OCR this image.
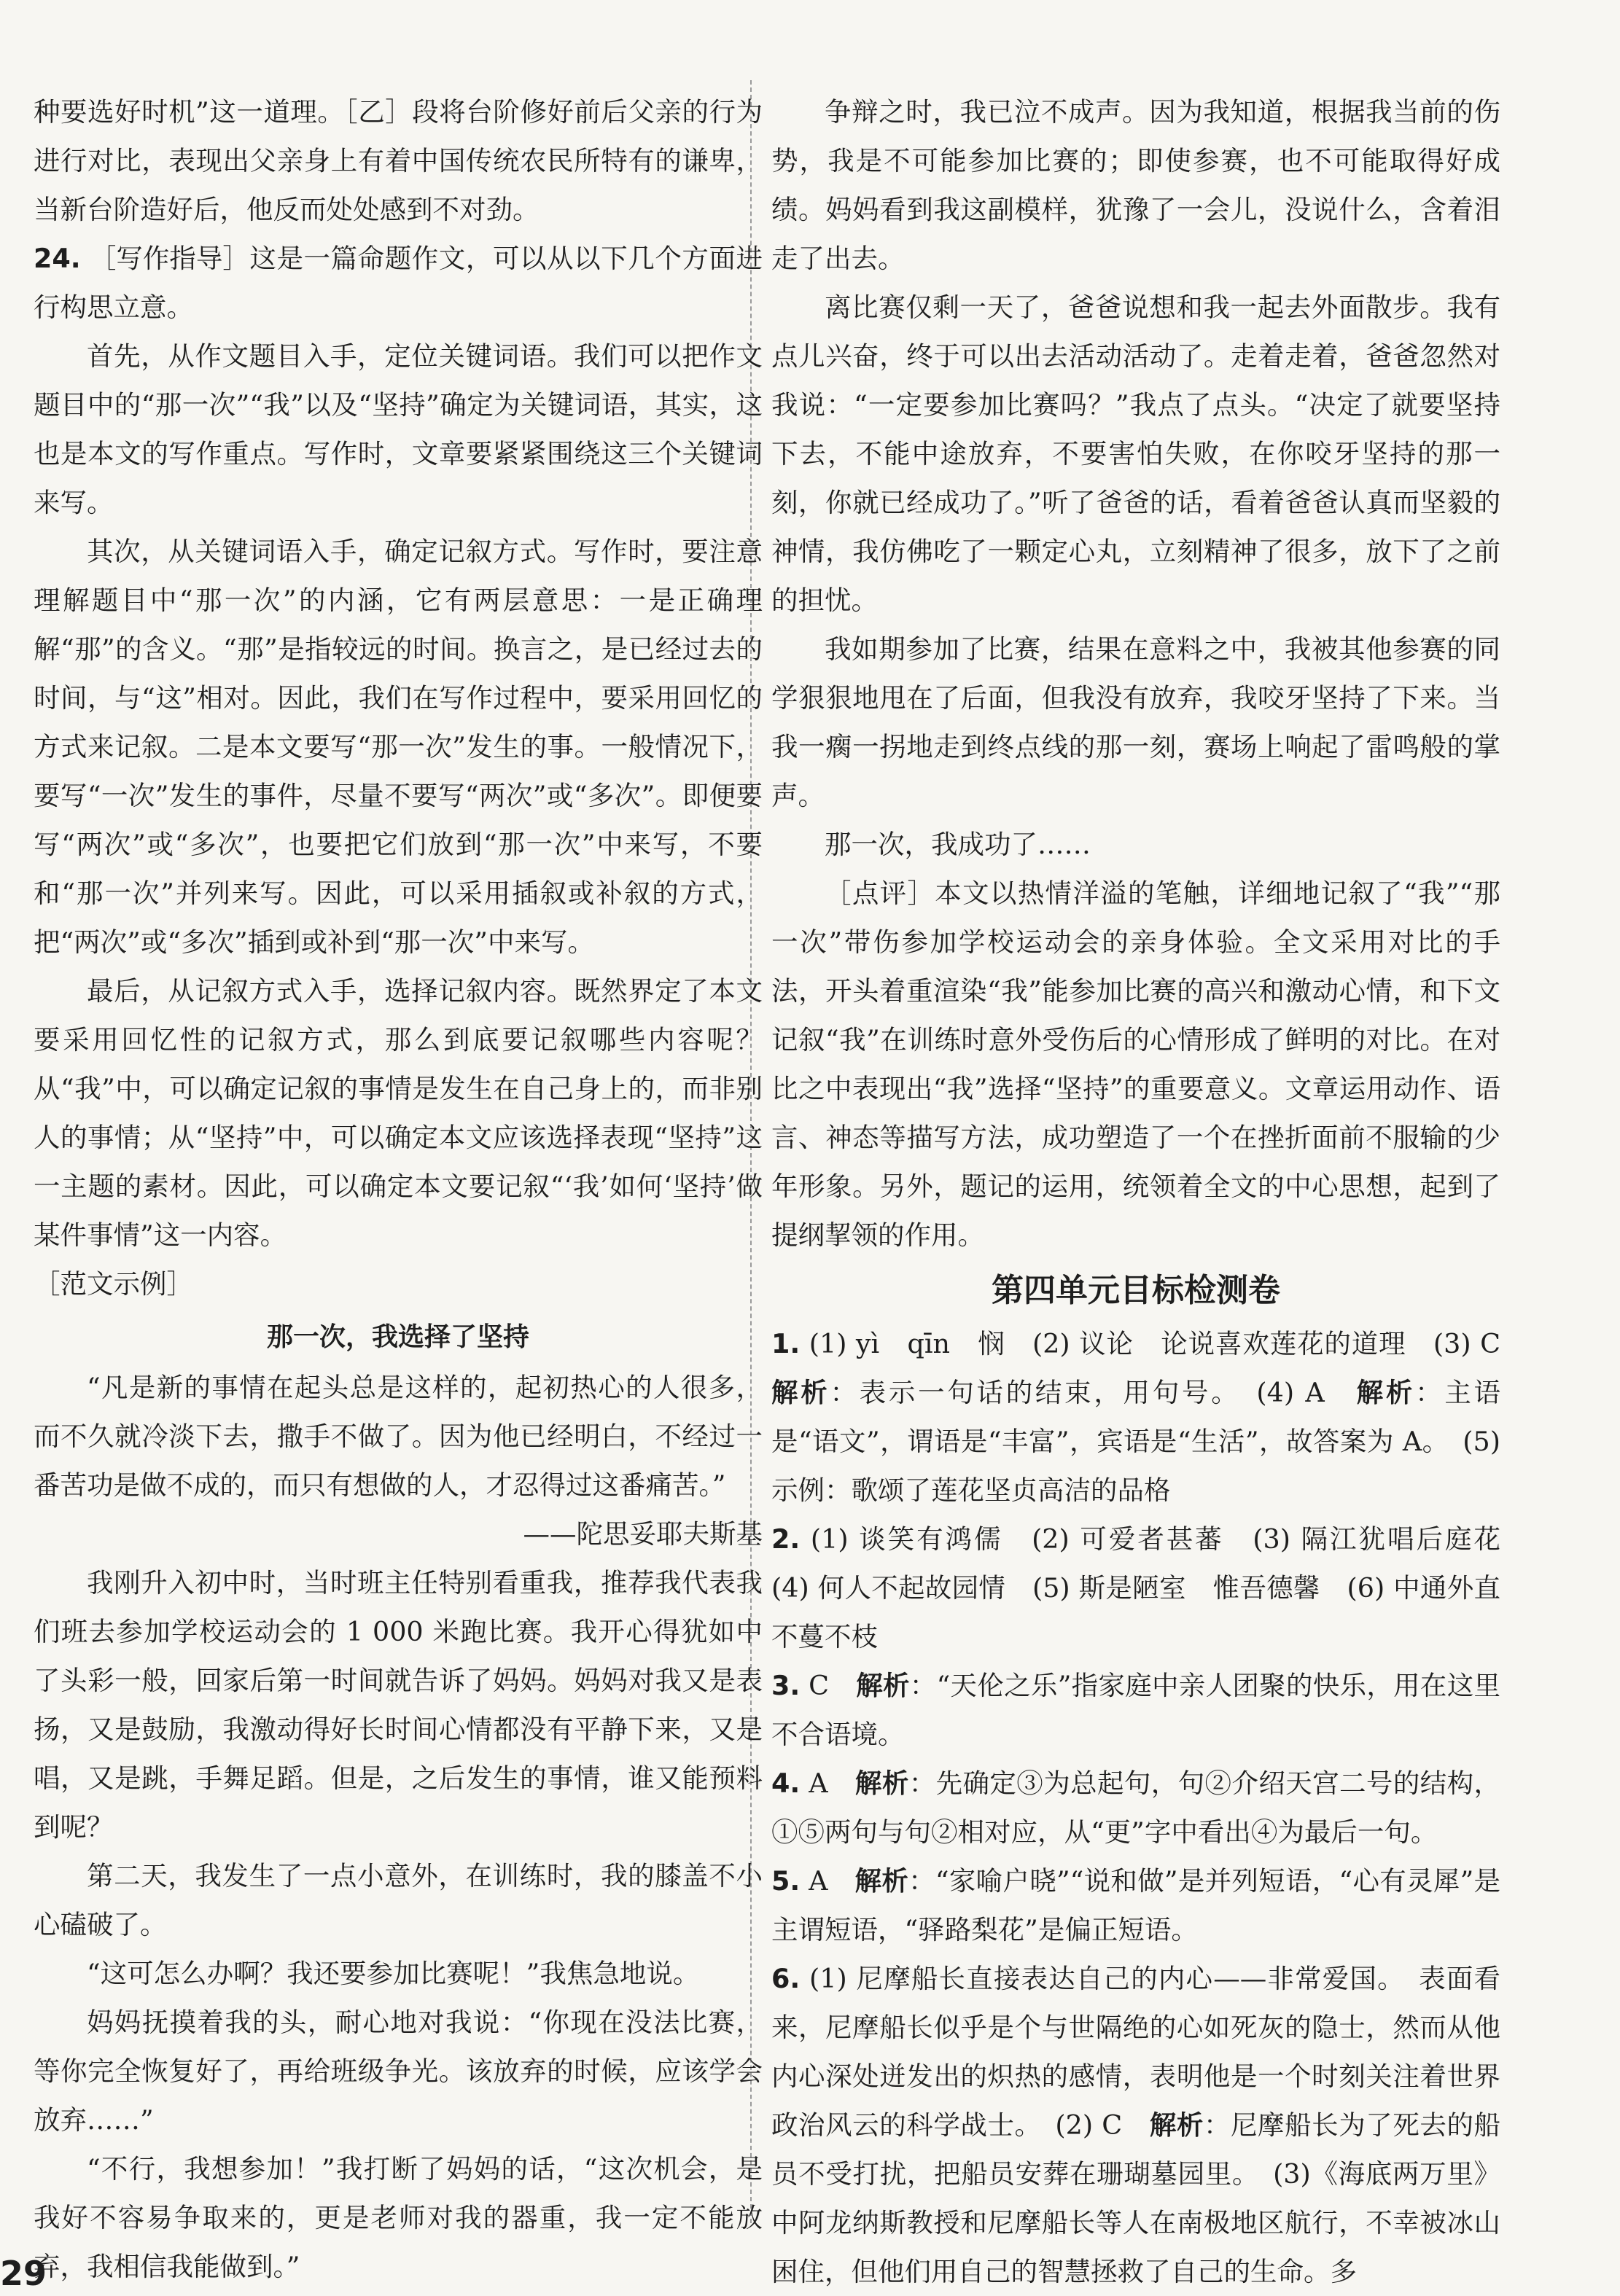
种要选好时机”这一道理。［乙］段将台阶修好前后父亲的行为进行对比，表现出父亲身上有着中国传统农民所特有的谦卑，当新台阶造好后，他反而处处感到不对劲。

24. ［写作指导］这是一篇命题作文，可以从以下几个方面进行构思立意。

首先，从作文题目入手，定位关键词语。我们可以把作文题目中的“那一次”“我”以及“坚持”确定为关键词语，其实，这也是本文的写作重点。写作时，文章要紧紧围绕这三个关键词来写。

其次，从关键词语入手，确定记叙方式。写作时，要注意理解题目中“那一次”的内涵，它有两层意思：一是正确理解“那”的含义。“那”是指较远的时间。换言之，是已经过去的时间，与“这”相对。因此，我们在写作过程中，要采用回忆的方式来记叙。二是本文要写“那一次”发生的事。一般情况下，要写“一次”发生的事件，尽量不要写“两次”或“多次”。即便要写“两次”或“多次”，也要把它们放到“那一次”中来写，不要和“那一次”并列来写。因此，可以采用插叙或补叙的方式，把“两次”或“多次”插到或补到“那一次”中来写。

最后，从记叙方式入手，选择记叙内容。既然界定了本文要采用回忆性的记叙方式，那么到底要记叙哪些内容呢？从“我”中，可以确定记叙的事情是发生在自己身上的，而非别人的事情；从“坚持”中，可以确定本文应该选择表现“坚持”这一主题的素材。因此，可以确定本文要记叙“‘我’如何‘坚持’做某件事情”这一内容。

［范文示例］

那一次，我选择了坚持

“凡是新的事情在起头总是这样的，起初热心的人很多，而不久就冷淡下去，撒手不做了。因为他已经明白，不经过一番苦功是做不成的，而只有想做的人，才忍得过这番痛苦。”

——陀思妥耶夫斯基

我刚升入初中时，当时班主任特别看重我，推荐我代表我们班去参加学校运动会的 1 000 米跑比赛。我开心得犹如中了头彩一般，回家后第一时间就告诉了妈妈。妈妈对我又是表扬，又是鼓励，我激动得好长时间心情都没有平静下来，又是唱，又是跳，手舞足蹈。但是，之后发生的事情，谁又能预料到呢？

第二天，我发生了一点小意外，在训练时，我的膝盖不小心磕破了。

“这可怎么办啊？我还要参加比赛呢！”我焦急地说。

妈妈抚摸着我的头，耐心地对我说：“你现在没法比赛，等你完全恢复好了，再给班级争光。该放弃的时候，应该学会放弃……”

“不行，我想参加！”我打断了妈妈的话，“这次机会，是我好不容易争取来的，更是老师对我的器重，我一定不能放弃，我相信我能做到。”

争辩之时，我已泣不成声。因为我知道，根据我当前的伤势，我是不可能参加比赛的；即使参赛，也不可能取得好成绩。妈妈看到我这副模样，犹豫了一会儿，没说什么，含着泪走了出去。

离比赛仅剩一天了，爸爸说想和我一起去外面散步。我有点儿兴奋，终于可以出去活动活动了。走着走着，爸爸忽然对我说：“一定要参加比赛吗？”我点了点头。“决定了就要坚持下去，不能中途放弃，不要害怕失败，在你咬牙坚持的那一刻，你就已经成功了。”听了爸爸的话，看着爸爸认真而坚毅的神情，我仿佛吃了一颗定心丸，立刻精神了很多，放下了之前的担忧。

我如期参加了比赛，结果在意料之中，我被其他参赛的同学狠狠地甩在了后面，但我没有放弃，我咬牙坚持了下来。当我一瘸一拐地走到终点线的那一刻，赛场上响起了雷鸣般的掌声。

那一次，我成功了……

［点评］本文以热情洋溢的笔触，详细地记叙了“我”“那一次”带伤参加学校运动会的亲身体验。全文采用对比的手法，开头着重渲染“我”能参加比赛的高兴和激动心情，和下文记叙“我”在训练时意外受伤后的心情形成了鲜明的对比。在对比之中表现出“我”选择“坚持”的重要意义。文章运用动作、语言、神态等描写方法，成功塑造了一个在挫折面前不服输的少年形象。另外，题记的运用，统领着全文的中心思想，起到了提纲挈领的作用。

第四单元目标检测卷

1. (1) yì　qīn　悯　(2) 议论　论说喜欢莲花的道理　(3) C 解析：表示一句话的结束，用句号。　(4) A　解析：主语是“语文”，谓语是“丰富”，宾语是“生活”，故答案为 A。　(5) 示例：歌颂了莲花坚贞高洁的品格

2. (1) 谈笑有鸿儒　(2) 可爱者甚蕃　(3) 隔江犹唱后庭花　(4) 何人不起故园情　(5) 斯是陋室　惟吾德馨　(6) 中通外直　不蔓不枝

3. C　解析：“天伦之乐”指家庭中亲人团聚的快乐，用在这里不合语境。

4. A　解析：先确定③为总起句，句②介绍天宫二号的结构，①⑤两句与句②相对应，从“更”字中看出④为最后一句。

5. A　解析：“家喻户晓”“说和做”是并列短语，“心有灵犀”是主谓短语，“驿路梨花”是偏正短语。

6. (1) 尼摩船长直接表达自己的内心——非常爱国。　表面看来，尼摩船长似乎是个与世隔绝的心如死灰的隐士，然而从他内心深处迸发出的炽热的感情，表明他是一个时刻关注着世界政治风云的科学战士。　(2) C　解析：尼摩船长为了死去的船员不受打扰，把船员安葬在珊瑚墓园里。　(3)《海底两万里》中阿龙纳斯教授和尼摩船长等人在南极地区航行，不幸被冰山困住，但他们用自己的智慧拯救了自己的生命。多

29
